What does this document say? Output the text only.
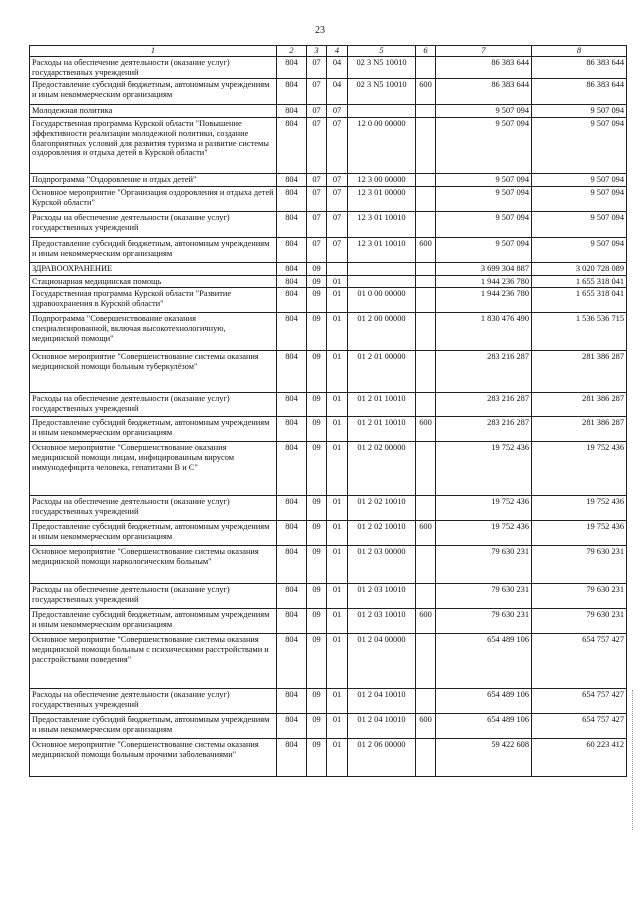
23
1	2	3	4	5	6	7	8
Расходы на обеспечение деятельности (оказание услуг) государственных учреждений	804	07	04	02 3 N5 10010		86 383 644	86 383 644
Предоставление субсидий бюджетным, автономным учреждениям и иным некоммерческим организациям	804	07	04	02 3 N5 10010	600	86 383 644	86 383 644
Молодежная политика	804	07	07			9 507 094	9 507 094
Государственная программа Курской области "Повышение эффективности реализации молодежной политики, создание благоприятных условий для развития туризма и развитие системы оздоровления и отдыха детей в Курской области"	804	07	07	12 0 00 00000		9 507 094	9 507 094
Подпрограмма "Оздоровление и отдых детей"	804	07	07	12 3 00 00000		9 507 094	9 507 094
Основное мероприятие "Организация оздоровления и отдыха детей Курской области"	804	07	07	12 3 01 00000		9 507 094	9 507 094
Расходы на обеспечение деятельности (оказание услуг) государственных учреждений	804	07	07	12 3 01 10010		9 507 094	9 507 094
Предоставление субсидий бюджетным, автономным учреждениям и иным некоммерческим организациям	804	07	07	12 3 01 10010	600	9 507 094	9 507 094
ЗДРАВООХРАНЕНИЕ	804	09				3 699 304 887	3 020 728 089
Стационарная медицинская помощь	804	09	01			1 944 236 780	1 655 318 041
Государственная программа Курской области "Развитие здравоохранения в Курской области"	804	09	01	01 0 00 00000		1 944 236 780	1 655 318 041
Подпрограмма "Совершенствование оказания специализированной, включая высокотехнологичную, медицинской помощи"	804	09	01	01 2 00 00000		1 830 476 490	1 536 536 715
Основное мероприятие "Совершенствование системы оказания медицинской помощи больным туберкулёзом"	804	09	01	01 2 01 00000		283 216 287	281 386 287
Расходы на обеспечение деятельности (оказание услуг) государственных учреждений	804	09	01	01 2 01 10010		283 216 287	281 386 287
Предоставление субсидий бюджетным, автономным учреждениям и иным некоммерческим организациям	804	09	01	01 2 01 10010	600	283 216 287	281 386 287
Основное мероприятие "Совершенствование оказания медицинской помощи лицам, инфицированным вирусом иммунодефицита человека, гепатитами В и С"	804	09	01	01 2 02 00000		19 752 436	19 752 436
Расходы на обеспечение деятельности (оказание услуг) государственных учреждений	804	09	01	01 2 02 10010		19 752 436	19 752 436
Предоставление субсидий бюджетным, автономным учреждениям и иным некоммерческим организациям	804	09	01	01 2 02 10010	600	19 752 436	19 752 436
Основное мероприятие "Совершенствование системы оказания медицинской помощи наркологическим больным"	804	09	01	01 2 03 00000		79 630 231	79 630 231
Расходы на обеспечение деятельности (оказание услуг) государственных учреждений	804	09	01	01 2 03 10010		79 630 231	79 630 231
Предоставление субсидий бюджетным, автономным учреждениям и иным некоммерческим организациям	804	09	01	01 2 03 10010	600	79 630 231	79 630 231
Основное мероприятие "Совершенствование системы оказания медицинской помощи больным с психическими расстройствами и расстройствами поведения"	804	09	01	01 2 04 00000		654 489 106	654 757 427
Расходы на обеспечение деятельности (оказание услуг) государственных учреждений	804	09	01	01 2 04 10010		654 489 106	654 757 427
Предоставление субсидий бюджетным, автономным учреждениям и иным некоммерческим организациям	804	09	01	01 2 04 10010	600	654 489 106	654 757 427
Основное мероприятие "Совершенствование системы оказания медицинской помощи больным прочими заболеваниями"	804	09	01	01 2 06 00000		59 422 608	60 223 412
